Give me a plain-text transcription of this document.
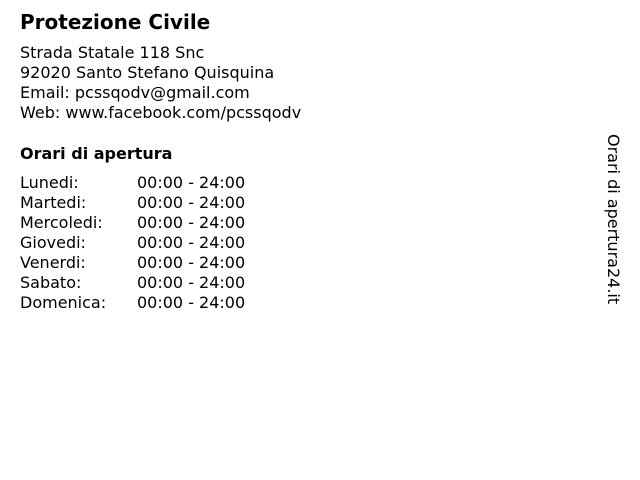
Protezione Civile
Strada Statale 118 Snc
92020 Santo Stefano Quisquina
Email: pcssqodv@gmail.com
Web: www.facebook.com/pcssqodv
Orari di apertura
Lunedi:	00:00 - 24:00
Martedi:	00:00 - 24:00
Mercoledi: 00:00 - 24:00
Giovedi:	00:00 - 24:00
Venerdi:	00:00 - 24:00
Sabato:	00:00 - 24:00
Domenica: 00:00 - 24:00	Orari di apertura24.it
